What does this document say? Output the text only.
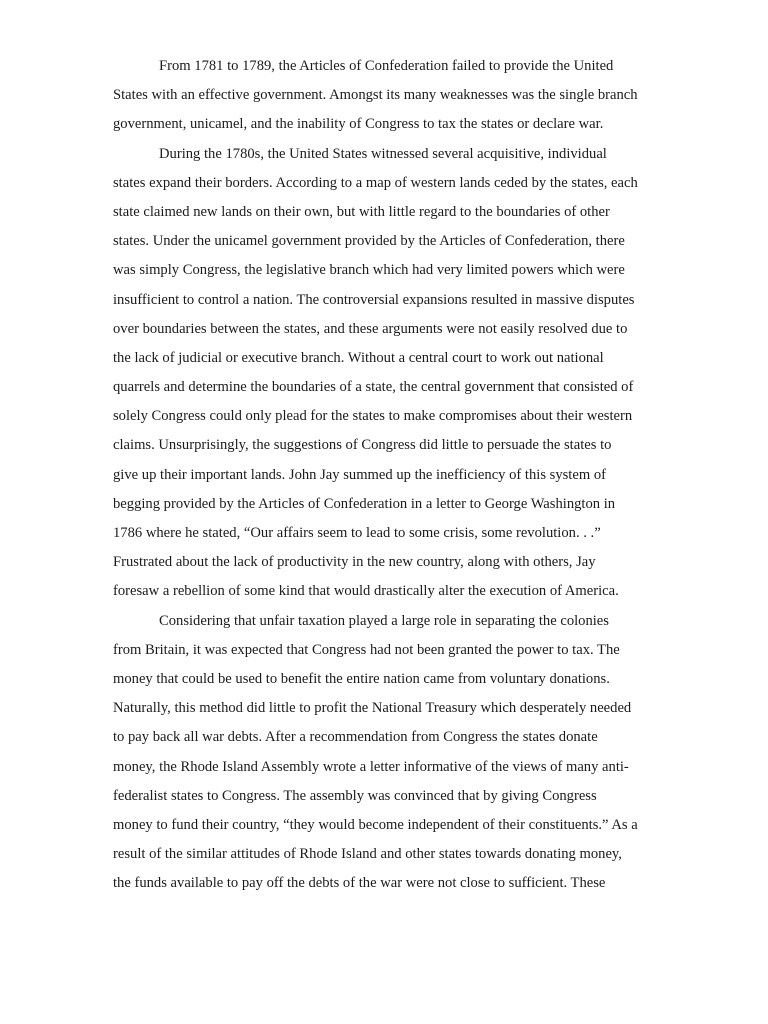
From 1781 to 1789, the Articles of Confederation failed to provide the United
States with an effective government. Amongst its many weaknesses was the single branch
government, unicamel, and the inability of Congress to tax the states or declare war.
During the 1780s, the United States witnessed several acquisitive, individual
states expand their borders. According to a map of western lands ceded by the states, each
state claimed new lands on their own, but with little regard to the boundaries of other
states. Under the unicamel government provided by the Articles of Confederation, there
was simply Congress, the legislative branch which had very limited powers which were
insufficient to control a nation. The controversial expansions resulted in massive disputes
over boundaries between the states, and these arguments were not easily resolved due to
the lack of judicial or executive branch. Without a central court to work out national
quarrels and determine the boundaries of a state, the central government that consisted of
solely Congress could only plead for the states to make compromises about their western
claims. Unsurprisingly, the suggestions of Congress did little to persuade the states to
give up their important lands. John Jay summed up the inefficiency of this system of
begging provided by the Articles of Confederation in a letter to George Washington in
1786 where he stated, “Our affairs seem to lead to some crisis, some revolution. . .”
Frustrated about the lack of productivity in the new country, along with others, Jay
foresaw a rebellion of some kind that would drastically alter the execution of America.
Considering that unfair taxation played a large role in separating the colonies
from Britain, it was expected that Congress had not been granted the power to tax. The
money that could be used to benefit the entire nation came from voluntary donations.
Naturally, this method did little to profit the National Treasury which desperately needed
to pay back all war debts. After a recommendation from Congress the states donate
money, the Rhode Island Assembly wrote a letter informative of the views of many anti-
federalist states to Congress. The assembly was convinced that by giving Congress
money to fund their country, “they would become independent of their constituents.” As a
result of the similar attitudes of Rhode Island and other states towards donating money,
the funds available to pay off the debts of the war were not close to sufficient. These
